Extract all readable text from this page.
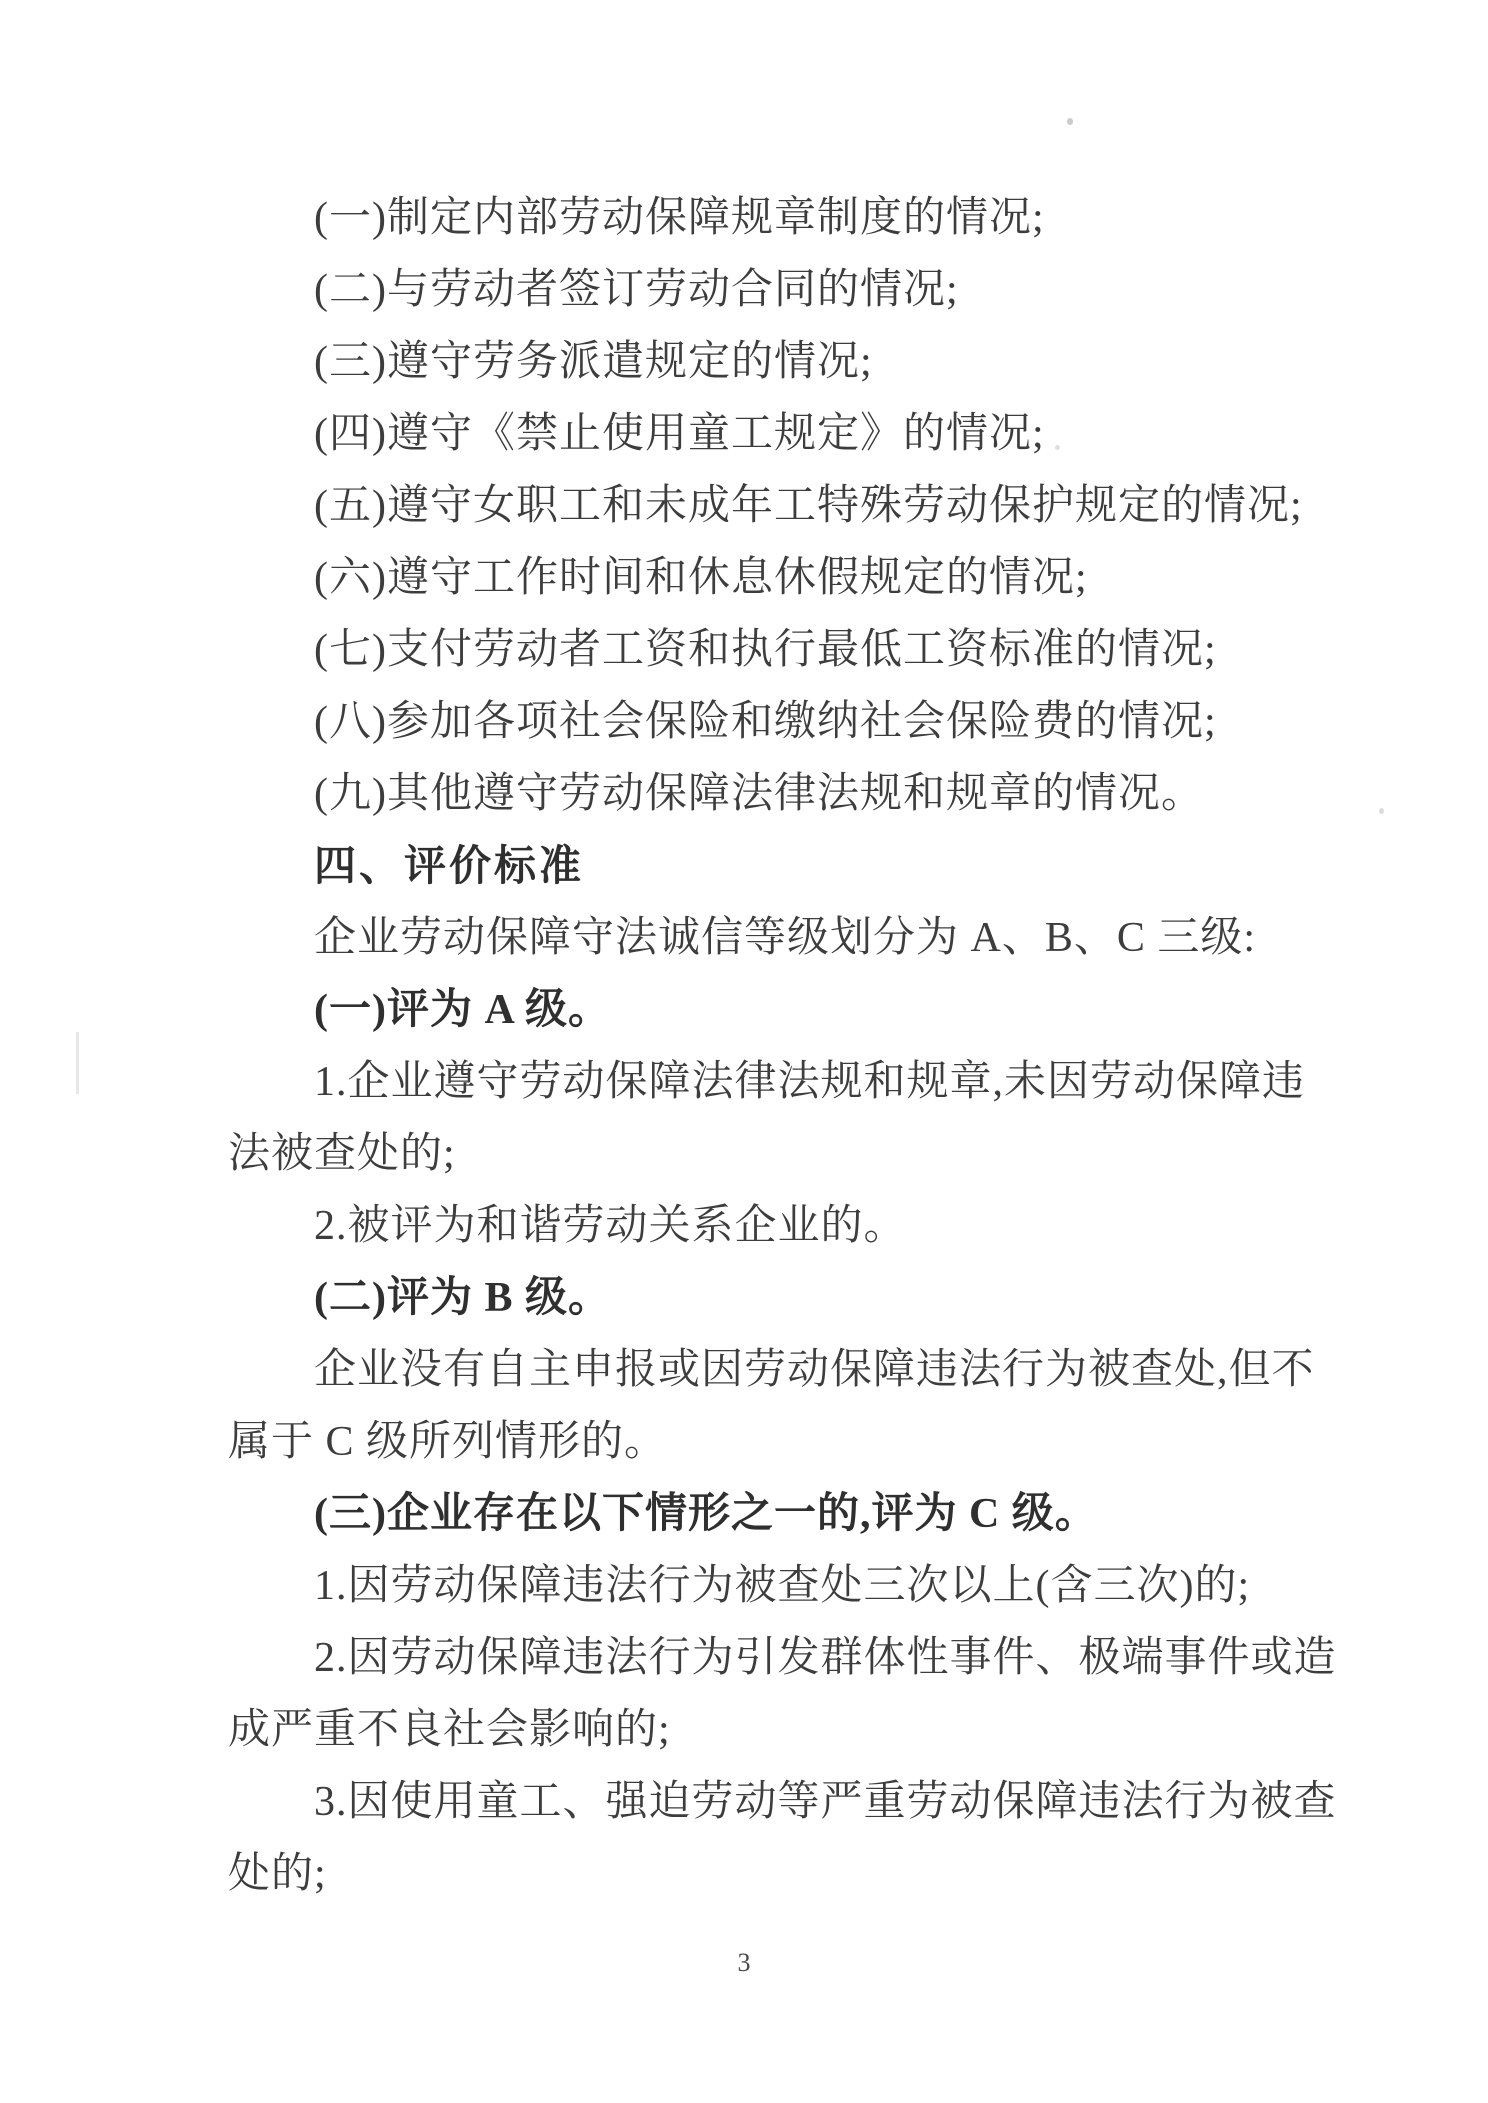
(一)制定内部劳动保障规章制度的情况;
(二)与劳动者签订劳动合同的情况;
(三)遵守劳务派遣规定的情况;
(四)遵守《禁止使用童工规定》的情况;
(五)遵守女职工和未成年工特殊劳动保护规定的情况;
(六)遵守工作时间和休息休假规定的情况;
(七)支付劳动者工资和执行最低工资标准的情况;
(八)参加各项社会保险和缴纳社会保险费的情况;
(九)其他遵守劳动保障法律法规和规章的情况。
四、评价标准
企业劳动保障守法诚信等级划分为 A、B、C 三级:
(一)评为 A 级。
1.企业遵守劳动保障法律法规和规章,未因劳动保障违
法被查处的;
2.被评为和谐劳动关系企业的。
(二)评为 B 级。
企业没有自主申报或因劳动保障违法行为被查处,但不
属于 C 级所列情形的。
(三)企业存在以下情形之一的,评为 C 级。
1.因劳动保障违法行为被查处三次以上(含三次)的;
2.因劳动保障违法行为引发群体性事件、极端事件或造
成严重不良社会影响的;
3.因使用童工、强迫劳动等严重劳动保障违法行为被查
处的;
3
